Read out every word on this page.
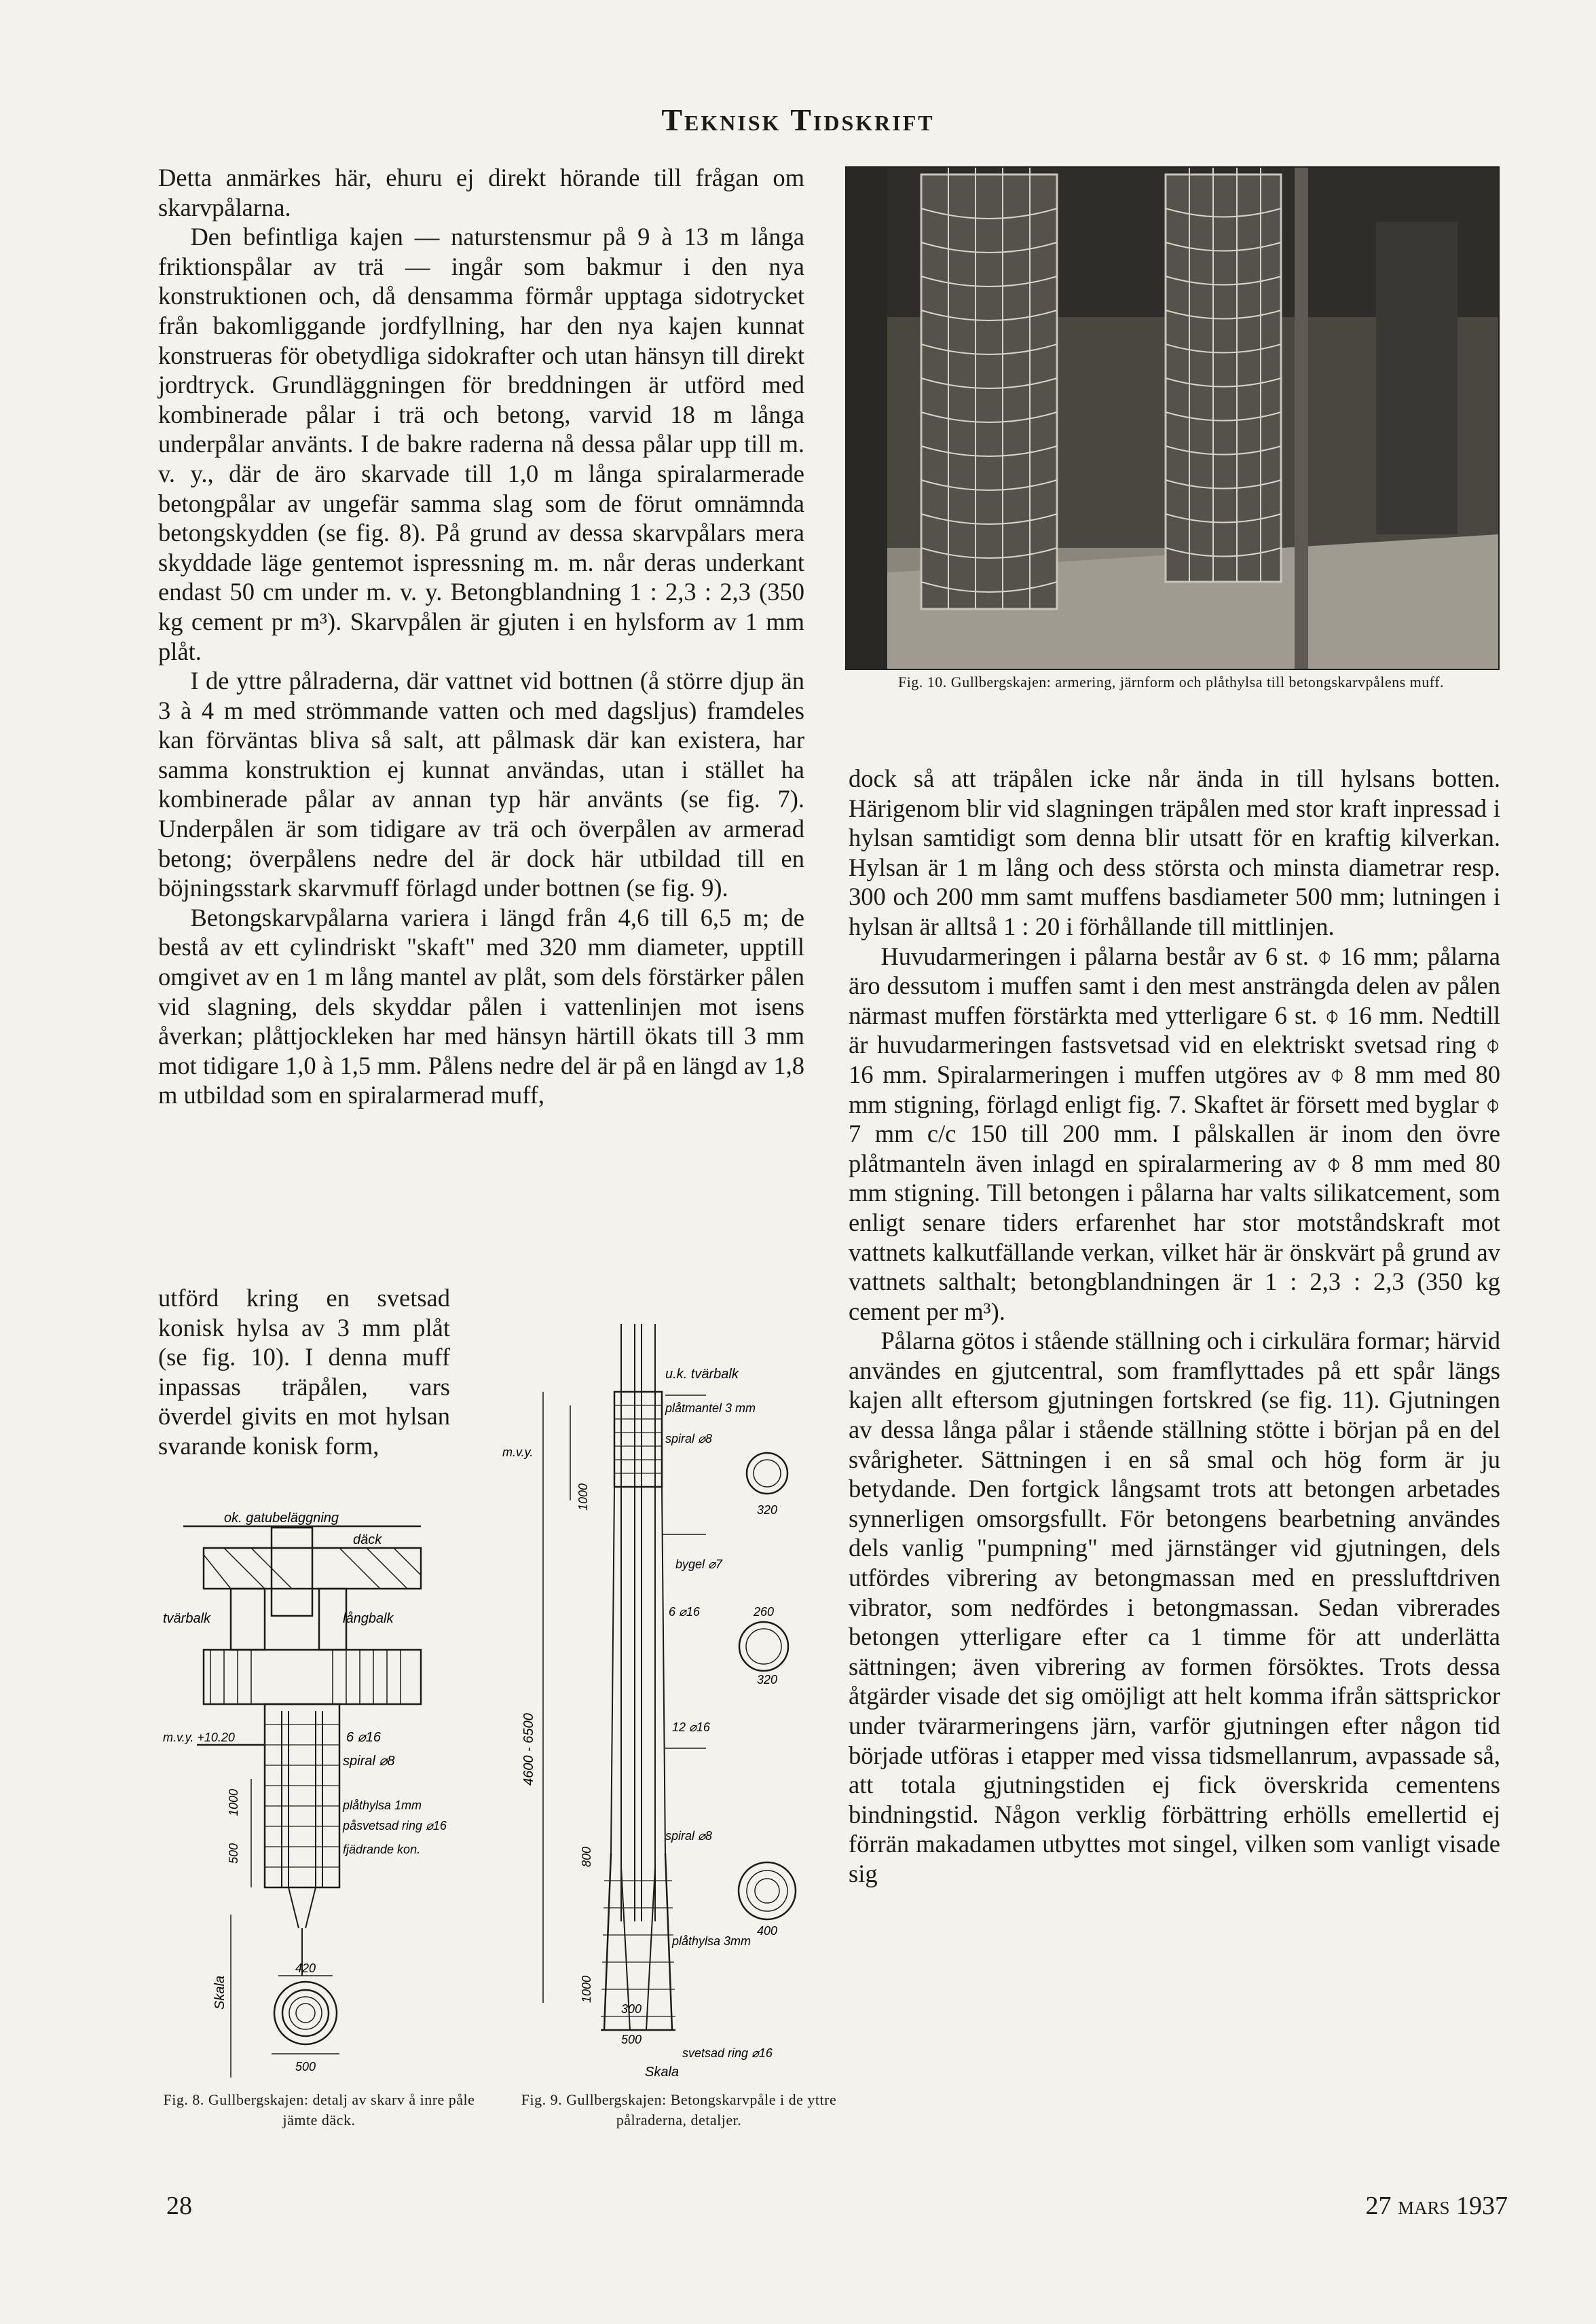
Teknisk Tidskrift

Detta anmärkes här, ehuru ej direkt hörande till frågan om skarvpålarna.

Den befintliga kajen — naturstensmur på 9 à 13 m långa friktionspålar av trä — ingår som bakmur i den nya konstruktionen och, då densamma förmår upptaga sidotrycket från bakomliggande jordfyllning, har den nya kajen kunnat konstrueras för obetydliga sidokrafter och utan hänsyn till direkt jordtryck. Grundläggningen för breddningen är utförd med kombinerade pålar i trä och betong, varvid 18 m långa underpålar använts. I de bakre raderna nå dessa pålar upp till m. v. y., där de äro skarvade till 1,0 m långa spiralarmerade betongpålar av ungefär samma slag som de förut omnämnda betongskydden (se fig. 8). På grund av dessa skarvpålars mera skyddade läge gentemot ispressning m. m. når deras underkant endast 50 cm under m. v. y. Betongblandning 1 : 2,3 : 2,3 (350 kg cement pr m³). Skarvpålen är gjuten i en hylsform av 1 mm plåt.

I de yttre pålraderna, där vattnet vid bottnen (å större djup än 3 à 4 m med strömmande vatten och med dagsljus) framdeles kan förväntas bliva så salt, att pålmask där kan existera, har samma konstruktion ej kunnat användas, utan i stället ha kombinerade pålar av annan typ här använts (se fig. 7). Underpålen är som tidigare av trä och överpålen av armerad betong; överpålens nedre del är dock här utbildad till en böjningsstark skarvmuff förlagd under bottnen (se fig. 9).

Betongskarvpålarna variera i längd från 4,6 till 6,5 m; de bestå av ett cylindriskt "skaft" med 320 mm diameter, upptill omgivet av en 1 m lång mantel av plåt, som dels förstärker pålen vid slagning, dels skyddar pålen i vattenlinjen mot isens åverkan; plåttjockleken har med hänsyn härtill ökats till 3 mm mot tidigare 1,0 à 1,5 mm. Pålens nedre del är på en längd av 1,8 m utbildad som en spiralarmerad muff,

utförd kring en svetsad konisk hylsa av 3 mm plåt (se fig. 10). I denna muff inpassas träpålen, vars överdel givits en mot hylsan svarande konisk form,
Fig. 10. Gullbergskajen: armering, järnform och plåthylsa till betongskarvpålens muff.

dock så att träpålen icke når ända in till hylsans botten. Härigenom blir vid slagningen träpålen med stor kraft inpressad i hylsan samtidigt som denna blir utsatt för en kraftig kilverkan. Hylsan är 1 m lång och dess största och minsta diametrar resp. 300 och 200 mm samt muffens basdiameter 500 mm; lutningen i hylsan är alltså 1 : 20 i förhållande till mittlinjen.

Huvudarmeringen i pålarna består av 6 st. ⌽ 16 mm; pålarna äro dessutom i muffen samt i den mest ansträngda delen av pålen närmast muffen förstärkta med ytterligare 6 st. ⌽ 16 mm. Nedtill är huvudarmeringen fastsvetsad vid en elektriskt svetsad ring ⌽ 16 mm. Spiralarmeringen i muffen utgöres av ⌽ 8 mm med 80 mm stigning, förlagd enligt fig. 7. Skaftet är försett med byglar ⌽ 7 mm c/c 150 till 200 mm. I pålskallen är inom den övre plåtmanteln även inlagd en spiralarmering av ⌽ 8 mm med 80 mm stigning. Till betongen i pålarna har valts silikatcement, som enligt senare tiders erfarenhet har stor motståndskraft mot vattnets kalkutfällande verkan, vilket här är önskvärt på grund av vattnets salthalt; betongblandningen är 1 : 2,3 : 2,3 (350 kg cement per m³).

Pålarna götos i stående ställning och i cirkulära formar; härvid användes en gjutcentral, som framflyttades på ett spår längs kajen allt eftersom gjutningen fortskred (se fig. 11). Gjutningen av dessa långa pålar i stående ställning stötte i början på en del svårigheter. Sättningen i en så smal och hög form är ju betydande. Den fortgick långsamt trots att betongen arbetades synnerligen omsorgsfullt. För betongens bearbetning användes dels vanlig "pumpning" med järnstänger vid gjutningen, dels utfördes vibrering av betongmassan med en pressluftdriven vibrator, som nedfördes i betongmassan. Sedan vibrerades betongen ytterligare efter ca 1 timme för att underlätta sättningen; även vibrering av formen försöktes. Trots dessa åtgärder visade det sig omöjligt att helt komma ifrån sättsprickor under tvärarmeringens järn, varför gjutningen efter någon tid började utföras i etapper med vissa tidsmellanrum, avpassade så, att totala gjutningstiden ej fick överskrida cementens bindningstid. Någon verklig förbättring erhölls emellertid ej förrän makadamen utbyttes mot singel, vilken som vanligt visade sig

ok. gatubeläggning
däck
tvärbalk	långbalk
6 ⌀16
spiral ⌀8
m.v.y. +10.20
1000
500
plåthylsa 1mm
påsvetsad ring ⌀16
fjädrande kon.
420
500
Skala
Fig. 8. Gullbergskajen: detalj av skarv å inre påle jämte däck.
u.k. tvärbalk
plåtmantel 3 mm
spiral ⌀8
m.v.y.
1000	320
bygel ⌀7
6 ⌀16	260
320
12 ⌀16
4600 - 6500
800
spiral ⌀8
400
plåthylsa 3mm
1000
300
500
svetsad ring ⌀16
Skala
Fig. 9. Gullbergskajen: Betongskarvpåle i de yttre pålraderna, detaljer.
28	27 mars 1937
